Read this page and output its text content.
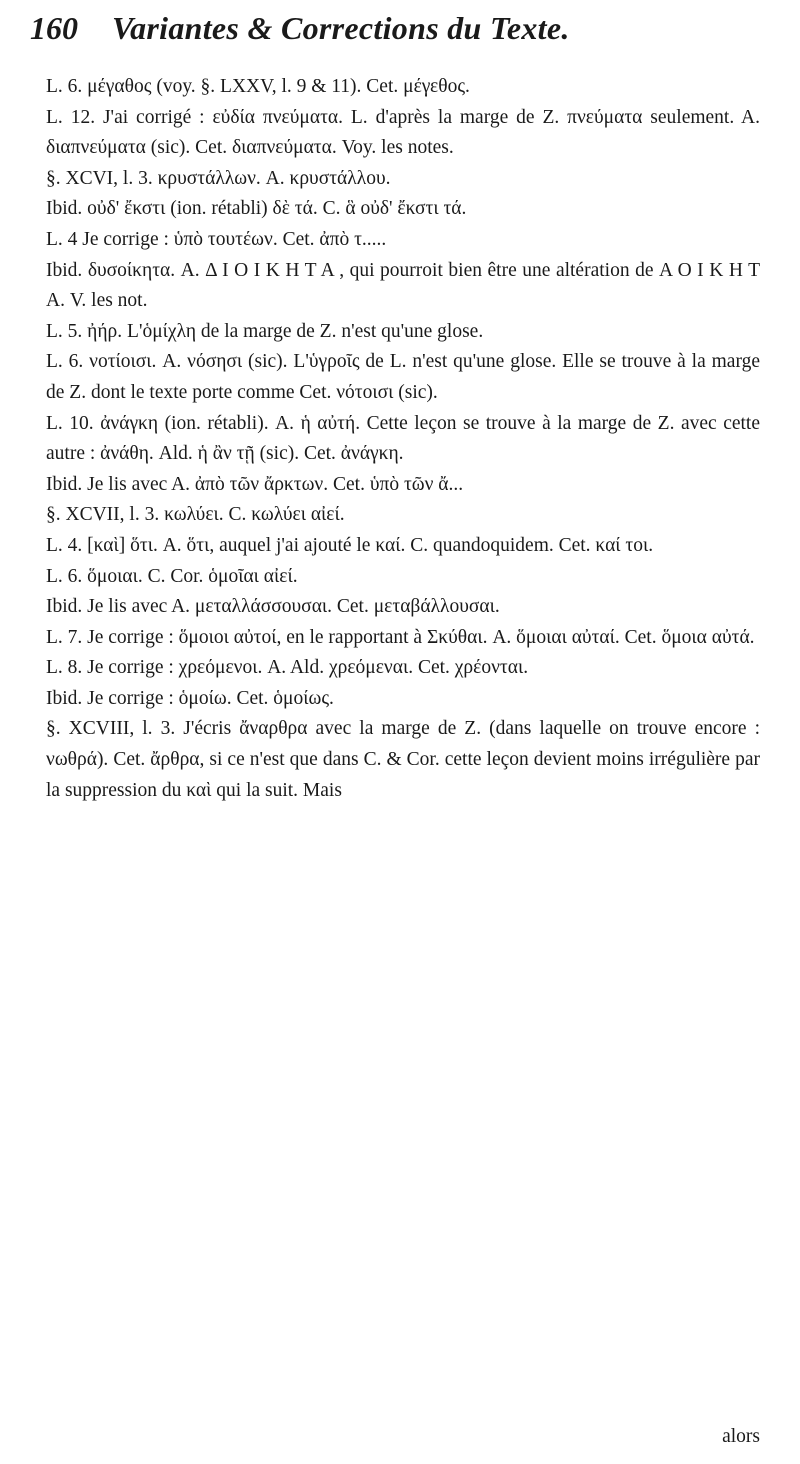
160 Variantes & Corrections du Texte.

L. 6. μέγαθος (voy. §. LXXV, l. 9 & 11). Cet. μέγεθος.

L. 12. J'ai corrigé : εὐδία πνεύματα. L. d'après la marge de Z. πνεύματα seulement. A. διαπνεύματα (sic). Cet. διαπνεύματα. Voy. les notes.

§. XCVI, l. 3. κρυστάλλων. A. κρυστάλλου.

Ibid. οὐδ' ἔκστι (ion. rétabli) δὲ τά. C. ἃ οὐδ' ἔκστι τά.

L. 4 Je corrige : ὑπὸ τουτέων. Cet. ἀπὸ τ.....

Ibid. δυσοίκητα. A. Δ Ι Ο Ι Κ Η Τ Α , qui pourroit bien être une altération de Α Ο Ι Κ Η Τ Α. V. les not.

L. 5. ἠήρ. L'ὁμίχλη de la marge de Z. n'est qu'une glose.

L. 6. νοτίοισι. A. νόσησι (sic). L'ὑγροῖς de L. n'est qu'une glose. Elle se trouve à la marge de Z. dont le texte porte comme Cet. νότοισι (sic).

L. 10. ἀνάγκη (ion. rétabli). A. ἡ αὐτή. Cette leçon se trouve à la marge de Z. avec cette autre : ἀνάθη. Ald. ἡ ἂν τῇ (sic). Cet. ἀνάγκη.

Ibid. Je lis avec A. ἀπὸ τῶν ἄρκτων. Cet. ὑπὸ τῶν ἄ...

§. XCVII, l. 3. κωλύει. C. κωλύει αἰεί.

L. 4. [καὶ] ὅτι. A. ὅτι, auquel j'ai ajouté le καί. C. quandoquidem. Cet. καί τοι.

L. 6. ὅμοιαι. C. Cor. ὁμοῖαι αἰεί.

Ibid. Je lis avec A. μεταλλάσσουσαι. Cet. μεταβάλλουσαι.

L. 7. Je corrige : ὅμοιοι αὐτοί, en le rapportant à Σκύθαι. A. ὅμοιαι αὐταί. Cet. ὅμοια αὐτά.

L. 8. Je corrige : χρεόμενοι. A. Ald. χρεόμεναι. Cet. χρέονται.

Ibid. Je corrige : ὁμοίω. Cet. ὁμοίως.

§. XCVIII, l. 3. J'écris ἄναρθρα avec la marge de Z. (dans laquelle on trouve encore : νωθρά). Cet. ἄρθρα, si ce n'est que dans C. & Cor. cette leçon devient moins irrégulière par la suppression du καὶ qui la suit. Mais

alors
